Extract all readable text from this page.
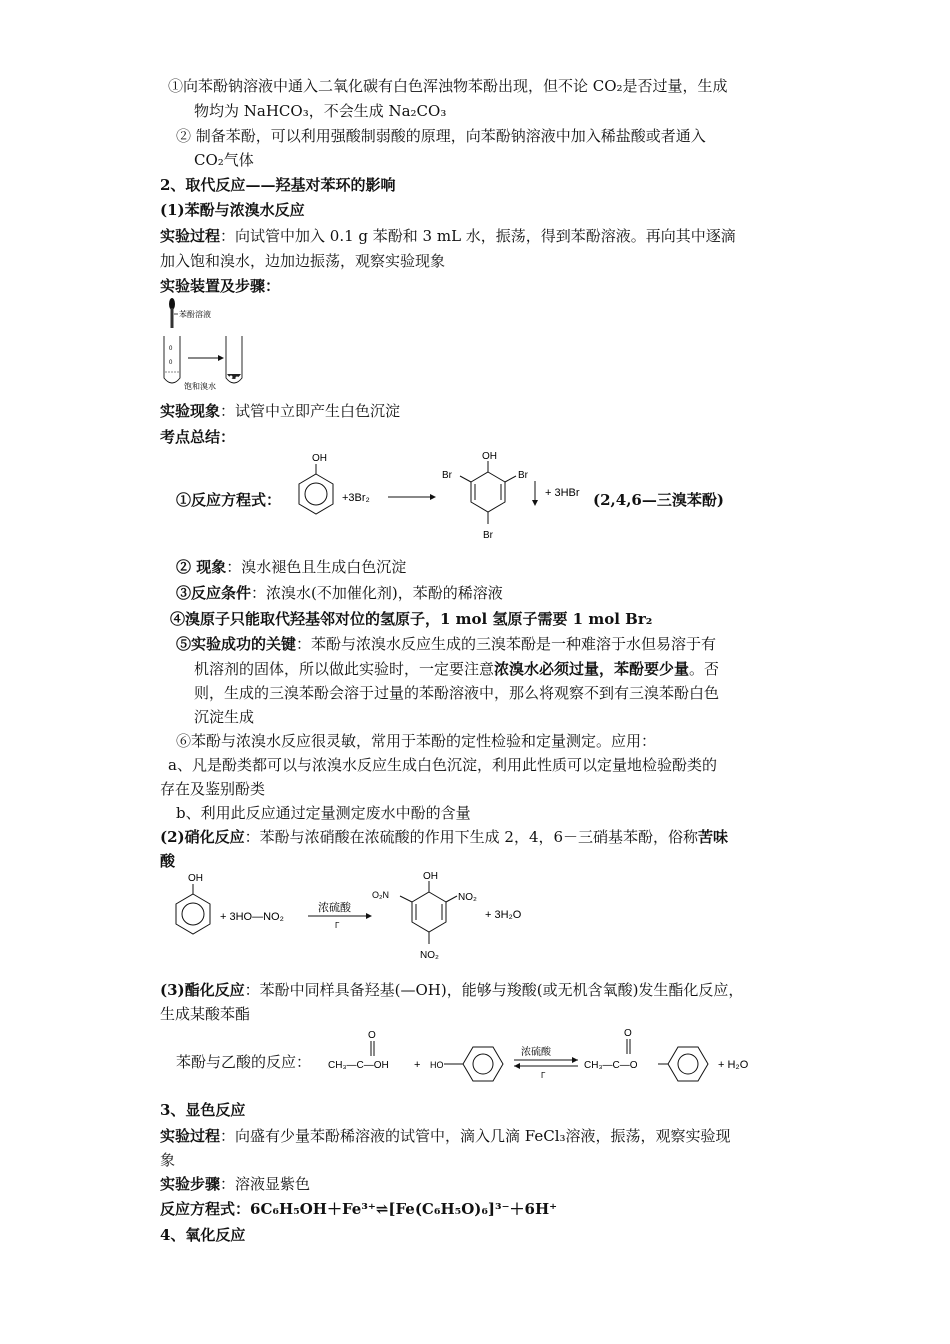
①向苯酚钠溶液中通入二氧化碳有白色浑浊物苯酚出现，但不论 CO₂是否过量，生成
物均为 NaHCO₃，不会生成 Na₂CO₃
② 制备苯酚，可以利用强酸制弱酸的原理，向苯酚钠溶液中加入稀盐酸或者通入
CO₂气体
2、取代反应——羟基对苯环的影响
(1)苯酚与浓溴水反应
实验过程：向试管中加入 0.1 g 苯酚和 3 mL 水，振荡，得到苯酚溶液。再向其中逐滴
加入饱和溴水，边加边振荡，观察实验现象
实验装置及步骤：
苯酚溶液
0
0
饱和溴水
实验现象：试管中立即产生白色沉淀
考点总结：
①反应方程式：
OH
+3Br₂
OH
Br	Br
Br
+ 3HBr (2,4,6—三溴苯酚)
② 现象：溴水褪色且生成白色沉淀
③反应条件：浓溴水(不加催化剂)，苯酚的稀溶液
④溴原子只能取代羟基邻对位的氢原子，1 mol 氢原子需要 1 mol Br₂
⑤实验成功的关键：苯酚与浓溴水反应生成的三溴苯酚是一种难溶于水但易溶于有
机溶剂的固体，所以做此实验时，一定要注意浓溴水必须过量，苯酚要少量。否
则，生成的三溴苯酚会溶于过量的苯酚溶液中，那么将观察不到有三溴苯酚白色
沉淀生成
⑥苯酚与浓溴水反应很灵敏，常用于苯酚的定性检验和定量测定。应用：
a、凡是酚类都可以与浓溴水反应生成白色沉淀，利用此性质可以定量地检验酚类的
存在及鉴别酚类
b、利用此反应通过定量测定废水中酚的含量
(2)硝化反应：苯酚与浓硝酸在浓硫酸的作用下生成 2，4，6－三硝基苯酚，俗称苦味
酸
OH
+ 3HO—NO₂
浓硫酸
Γ
OH
O₂N	NO₂
NO₂
+ 3H₂O
(3)酯化反应：苯酚中同样具备羟基(—OH)，能够与羧酸(或无机含氧酸)发生酯化反应，
生成某酸苯酯
苯酚与乙酸的反应：
O
CH₃—C—OH + HO
浓硫酸
Γ
O
CH₃—C—O	+ H₂O
3、显色反应
实验过程：向盛有少量苯酚稀溶液的试管中，滴入几滴 FeCl₃溶液，振荡，观察实验现
象
实验步骤：溶液显紫色
反应方程式：6C₆H₅OH＋Fe³⁺⇌[Fe(C₆H₅O)₆]³⁻＋6H⁺
4、氧化反应
